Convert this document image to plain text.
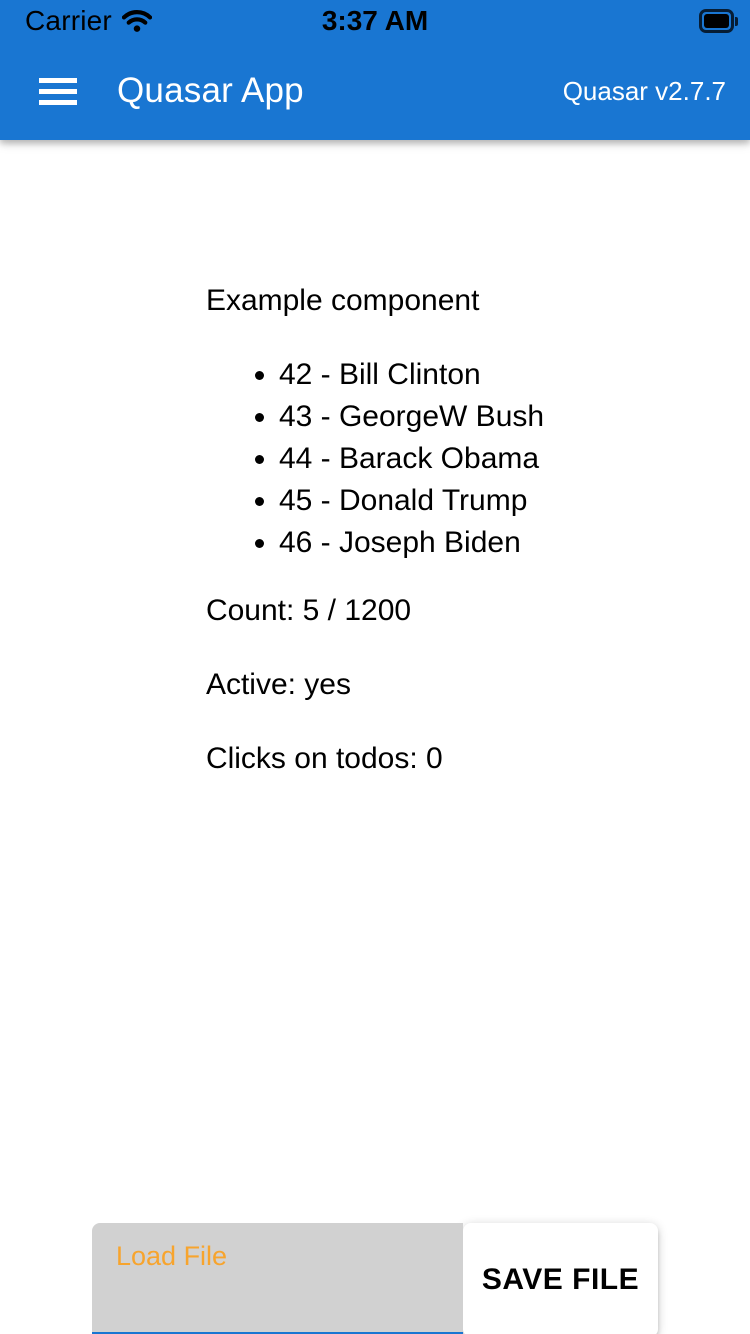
Carrier	3:37 AM
Quasar App	Quasar v2.7.7

Example component

• 42 - Bill Clinton
• 43 - GeorgeW Bush
• 44 - Barack Obama
• 45 - Donald Trump
• 46 - Joseph Biden

Count: 5 / 1200

Active: yes

Clicks on todos: 0

Load File
SAVE FILE
